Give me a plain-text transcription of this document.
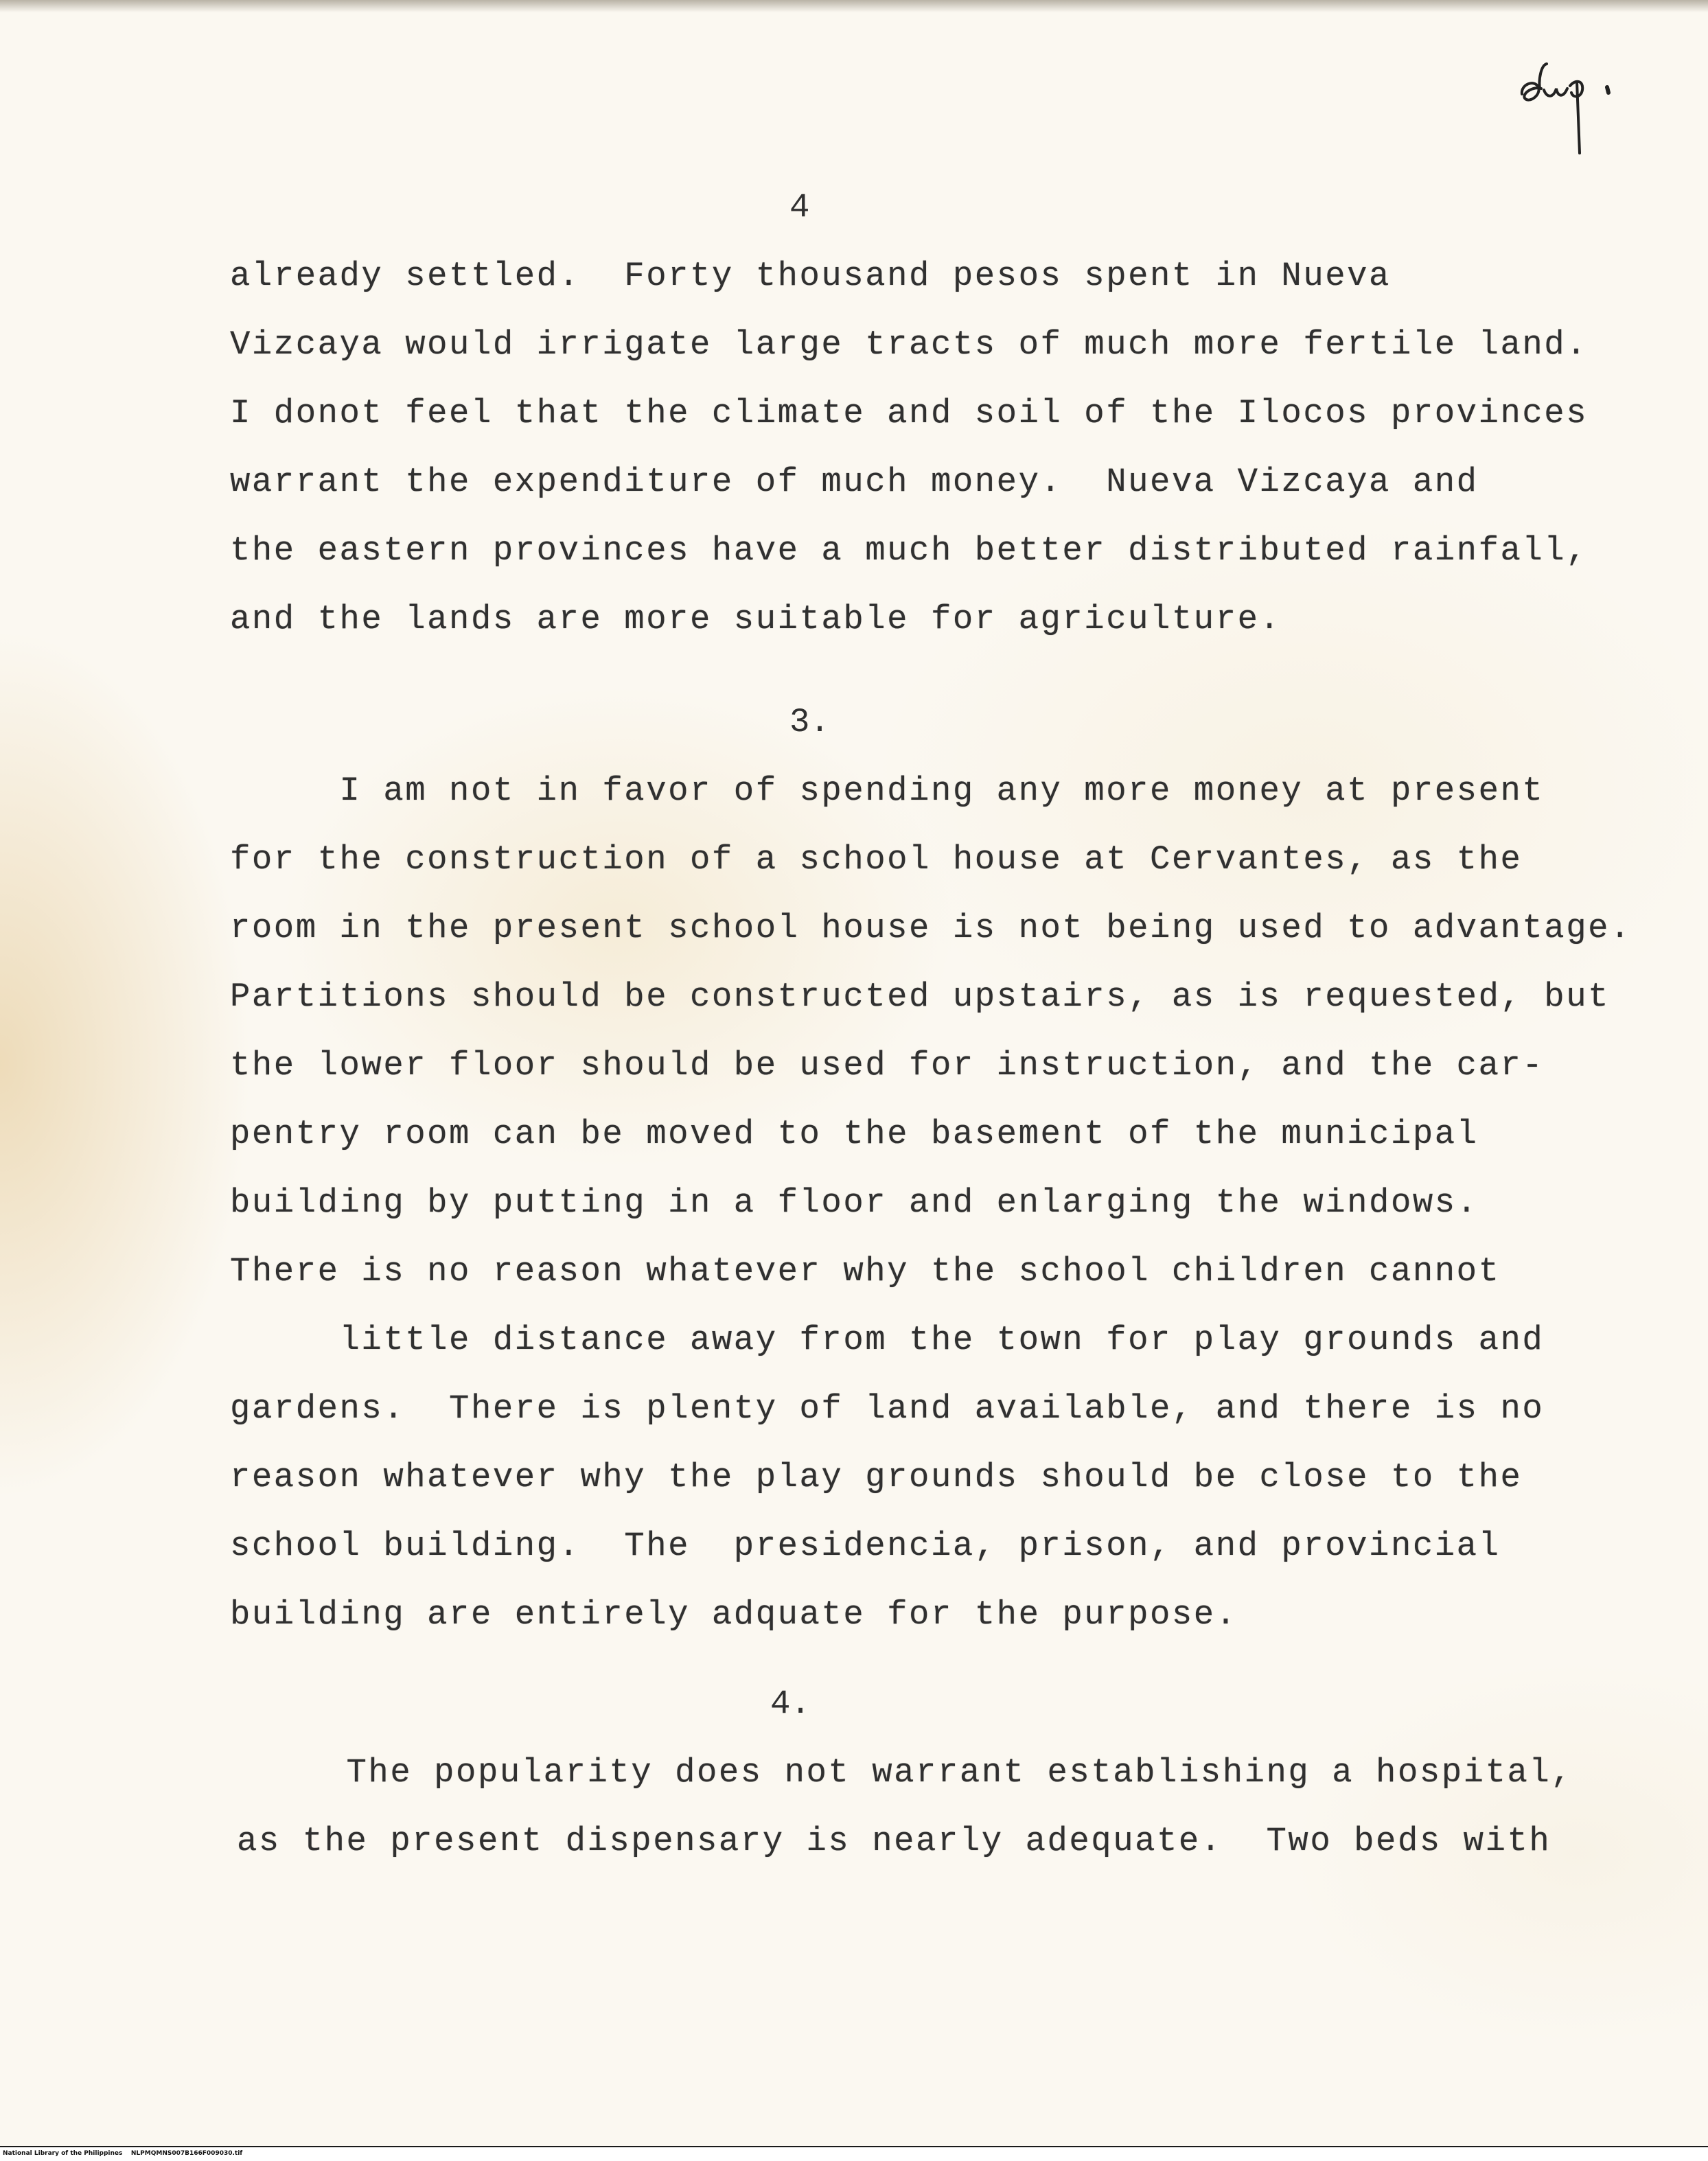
4
already settled.  Forty thousand pesos spent in Nueva
Vizcaya would irrigate large tracts of much more fertile land.
I donot feel that the climate and soil of the Ilocos provinces
warrant the expenditure of much money.  Nueva Vizcaya and
the eastern provinces have a much better distributed rainfall,
and the lands are more suitable for agriculture.
3.
I am not in favor of spending any more money at present
for the construction of a school house at Cervantes, as the
room in the present school house is not being used to advantage.
Partitions should be constructed upstairs, as is requested, but
the lower floor should be used for instruction, and the car-
pentry room can be moved to the basement of the municipal
building by putting in a floor and enlarging the windows.
There is no reason whatever why the school children cannot
little distance away from the town for play grounds and
gardens.  There is plenty of land available, and there is no
reason whatever why the play grounds should be close to the
school building.  The  presidencia, prison, and provincial
building are entirely adquate for the purpose.
4.
The popularity does not warrant establishing a hospital,
as the present dispensary is nearly adequate.  Two beds with
National Library of the Philippines    NLPMQMNS007B166F009030.tif
